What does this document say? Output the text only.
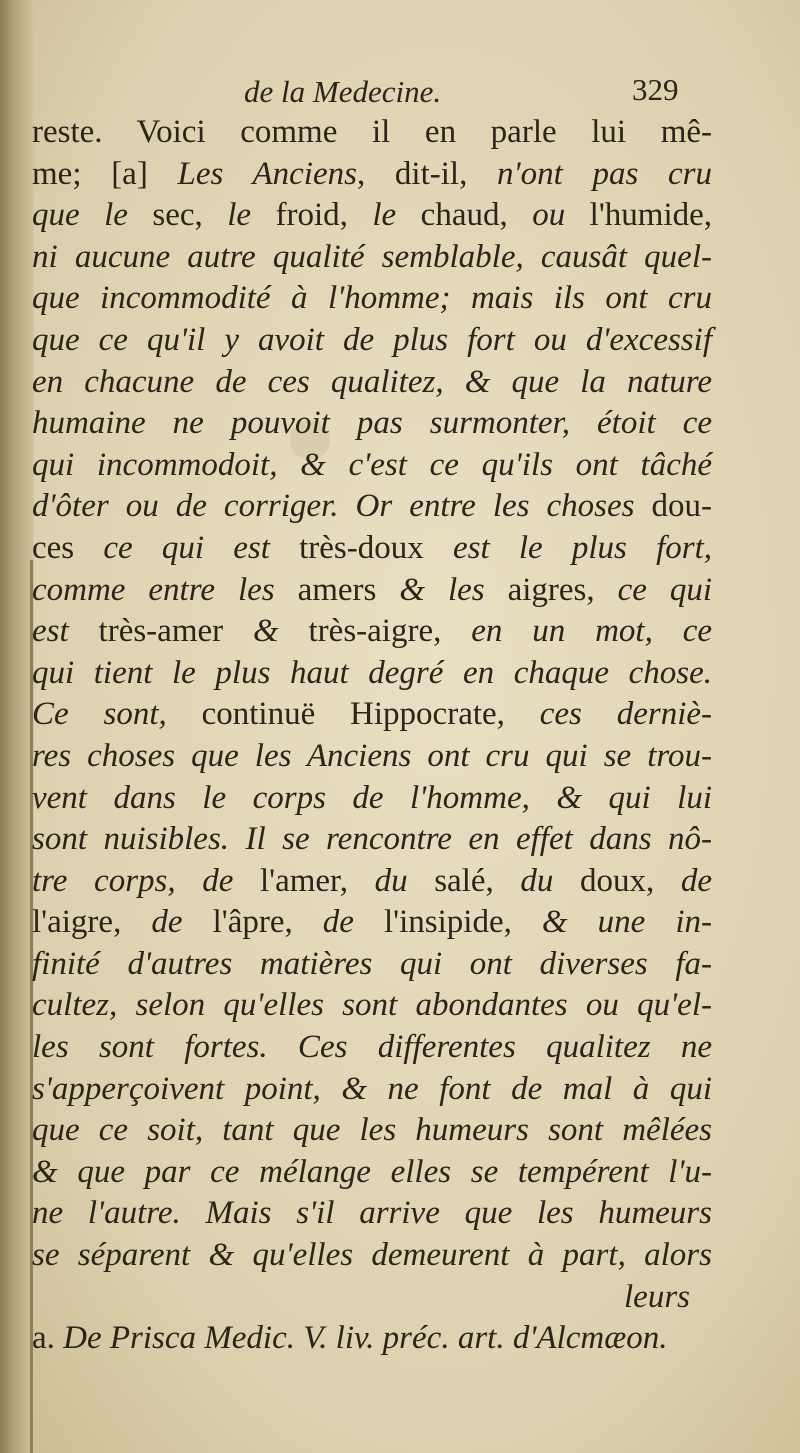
de la Medecine.	329
reste. Voici comme il en parle lui mê-
me; [a] Les Anciens, dit-il, n'ont pas cru
que le sec, le froid, le chaud, ou l'humide,
ni aucune autre qualité semblable, causât quel-
que incommodité à l'homme; mais ils ont cru
que ce qu'il y avoit de plus fort ou d'excessif
en chacune de ces qualitez, & que la nature
humaine ne pouvoit pas surmonter, étoit ce
qui incommodoit, & c'est ce qu'ils ont tâché
d'ôter ou de corriger. Or entre les choses dou-
ces ce qui est très-doux est le plus fort,
comme entre les amers & les aigres, ce qui
est très-amer & très-aigre, en un mot, ce
qui tient le plus haut degré en chaque chose.
Ce sont, continuë Hippocrate, ces derniè-
res choses que les Anciens ont cru qui se trou-
vent dans le corps de l'homme, & qui lui
sont nuisibles. Il se rencontre en effet dans nô-
tre corps, de l'amer, du salé, du doux, de
l'aigre, de l'âpre, de l'insipide, & une in-
finité d'autres matières qui ont diverses fa-
cultez, selon qu'elles sont abondantes ou qu'el-
les sont fortes. Ces differentes qualitez ne
s'apperçoivent point, & ne font de mal à qui
que ce soit, tant que les humeurs sont mêlées
& que par ce mélange elles se tempérent l'u-
ne l'autre. Mais s'il arrive que les humeurs
se séparent & qu'elles demeurent à part, alors
leurs
a. De Prisca Medic. V. liv. préc. art. d'Alcmæon.
